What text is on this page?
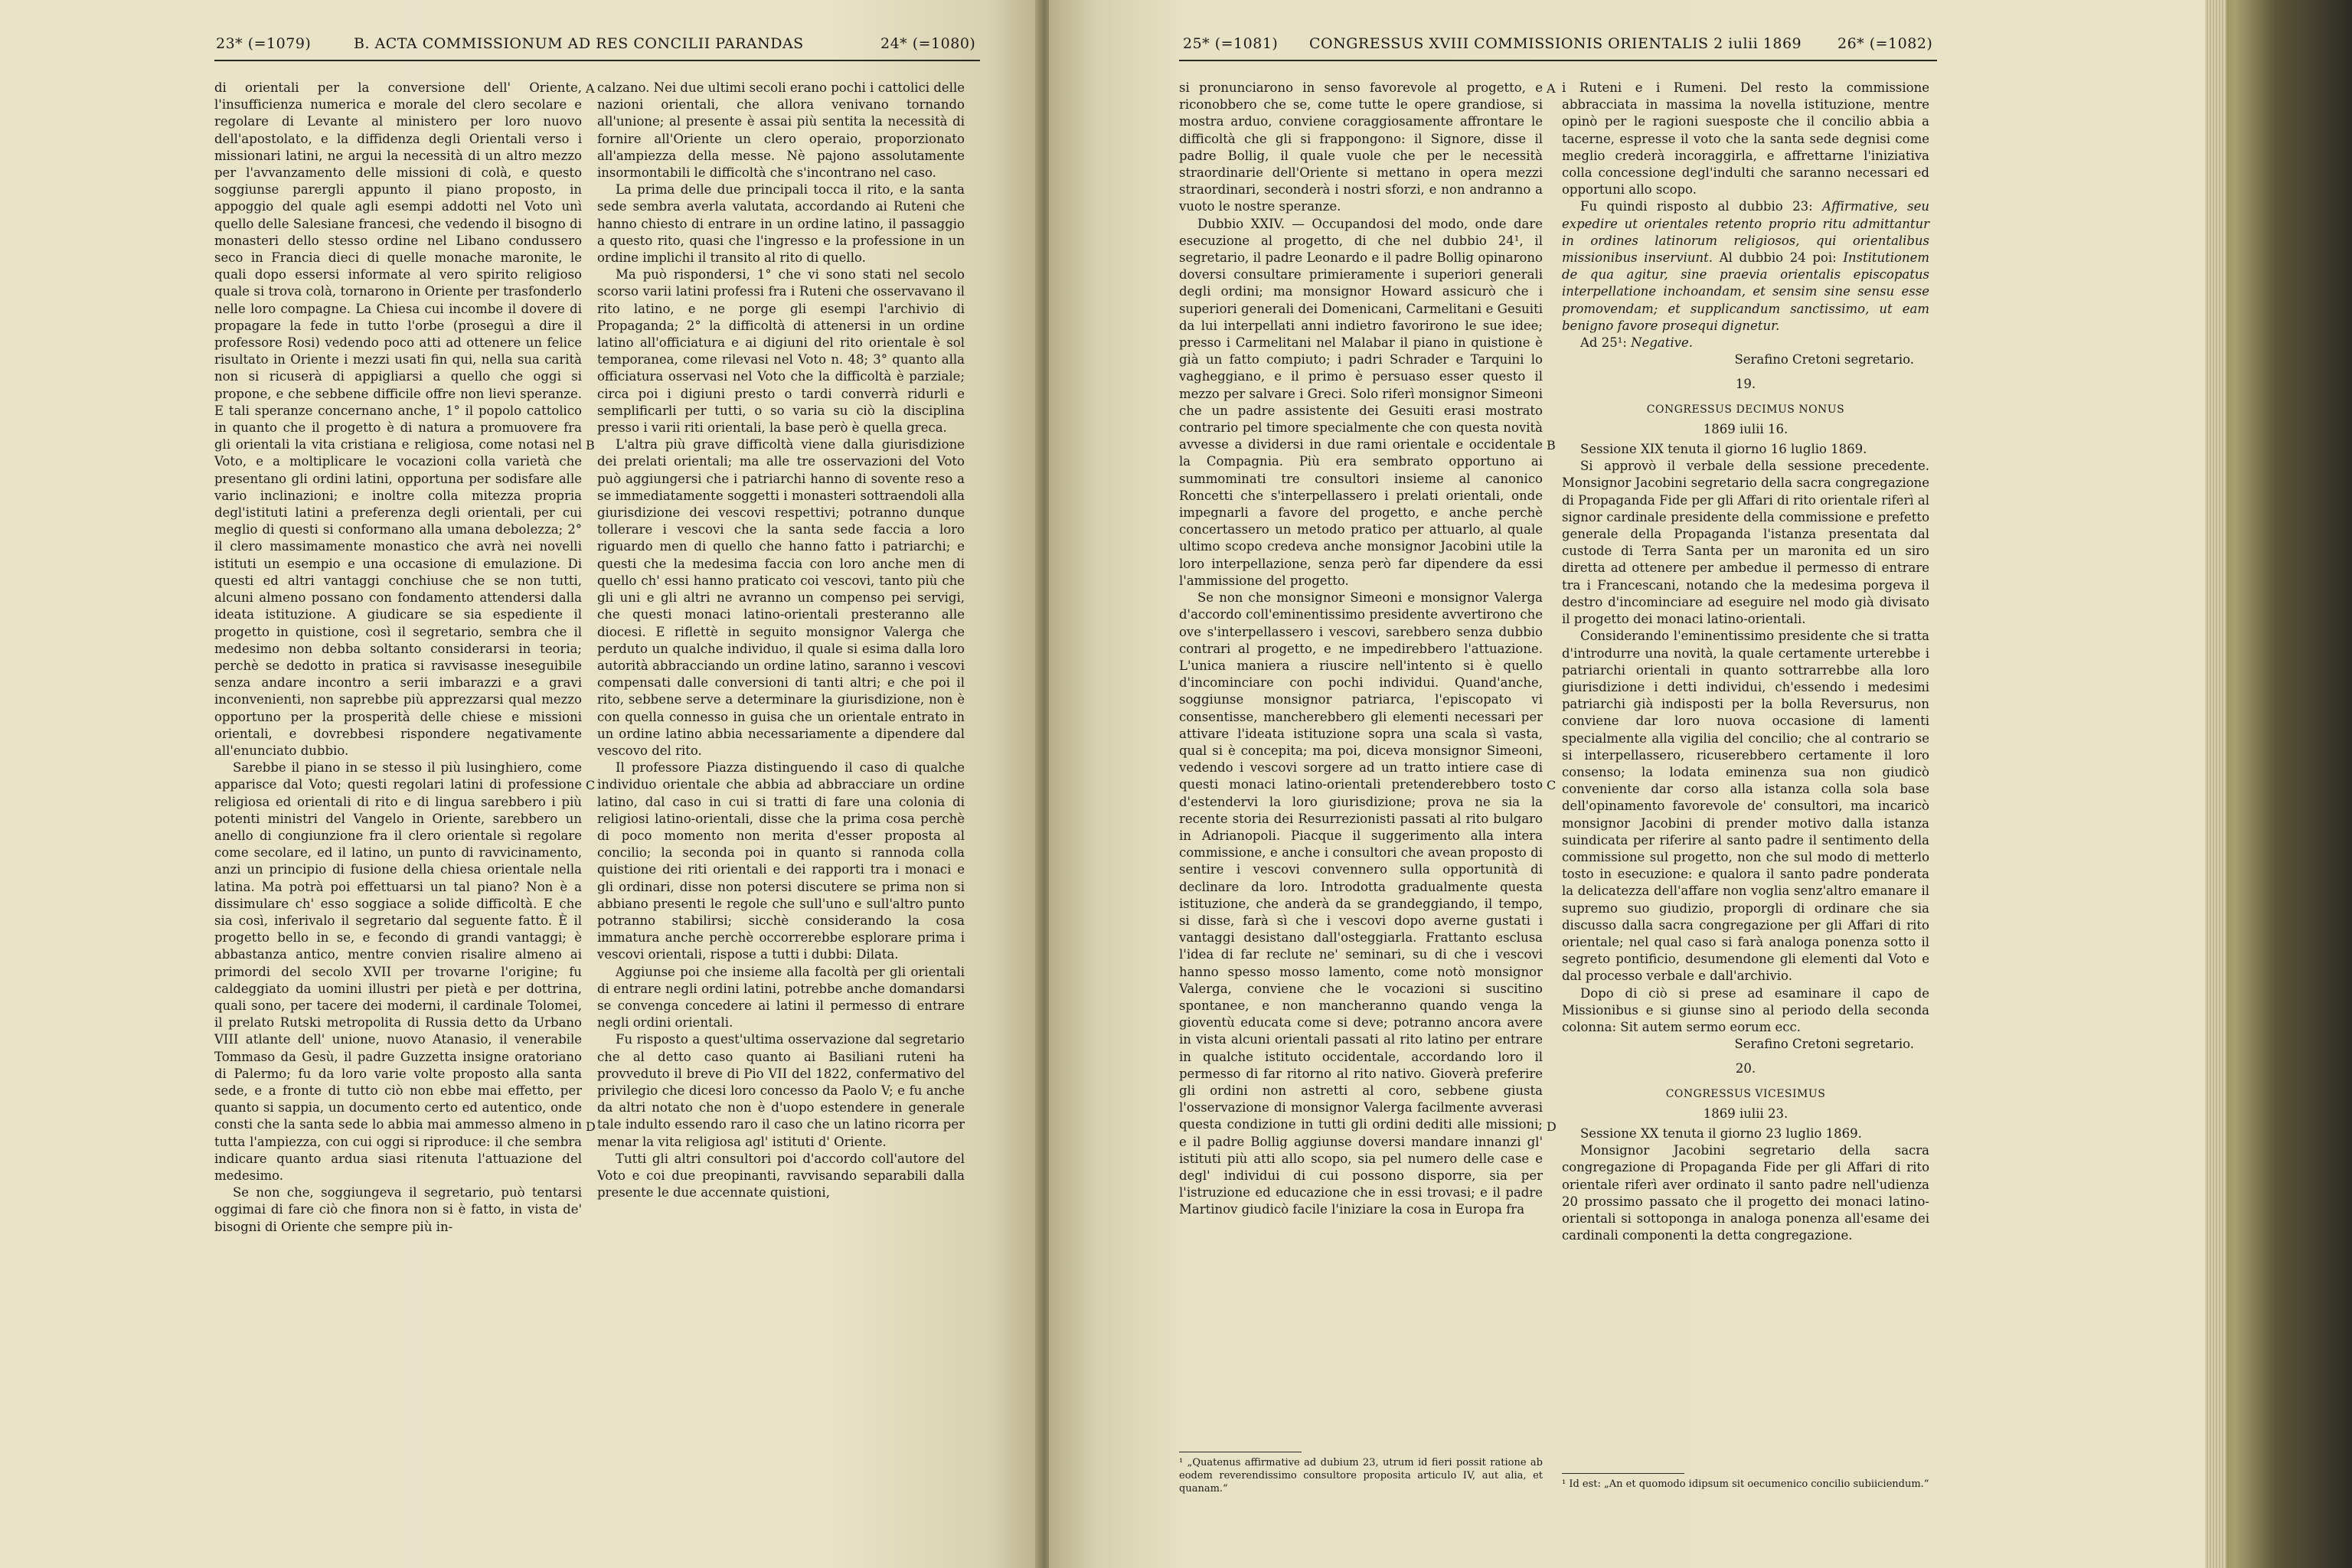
23* (=1079)	B. ACTA COMMISSIONUM AD RES CONCILII PARANDAS	24* (=1080)

di orientali per la conversione dell' Oriente, l'insufficienza numerica e morale del clero secolare e regolare di Levante al ministero per loro nuovo dell'apostolato, e la diffidenza degli Orientali verso i missionari latini, ne argui la necessità di un altro mezzo per l'avvanzamento delle missioni di colà, e questo soggiunse parergli appunto il piano proposto, in appoggio del quale agli esempi addotti nel Voto unì quello delle Salesiane francesi, che vedendo il bisogno di monasteri dello stesso ordine nel Libano condussero seco in Francia dieci di quelle monache maronite, le quali dopo essersi informate al vero spirito religioso quale si trova colà, tornarono in Oriente per trasfonderlo nelle loro compagne. La Chiesa cui incombe il dovere di propagare la fede in tutto l'orbe (proseguì a dire il professore Rosi) vedendo poco atti ad ottenere un felice risultato in Oriente i mezzi usati fin qui, nella sua carità non si ricuserà di appigliarsi a quello che oggi si propone, e che sebbene difficile offre non lievi speranze. E tali speranze concernano anche, 1° il popolo cattolico in quanto che il progetto è di natura a promuovere fra gli orientali la vita cristiana e religiosa, come notasi nel Voto, e a moltiplicare le vocazioni colla varietà che presentano gli ordini latini, opportuna per sodisfare alle vario inclinazioni; e inoltre colla mitezza propria degl'istituti latini a preferenza degli orientali, per cui meglio di questi si conformano alla umana debolezza; 2° il clero massimamente monastico che avrà nei novelli istituti un esempio e una occasione di emulazione. Di questi ed altri vantaggi conchiuse che se non tutti, alcuni almeno possano con fondamento attendersi dalla ideata istituzione. A giudicare se sia espediente il progetto in quistione, così il segretario, sembra che il medesimo non debba soltanto considerarsi in teoria; perchè se dedotto in pratica si ravvisasse ineseguibile senza andare incontro a serii imbarazzi e a gravi inconvenienti, non saprebbe più apprezzarsi qual mezzo opportuno per la prosperità delle chiese e missioni orientali, e dovrebbesi rispondere negativamente all'enunciato dubbio.

Sarebbe il piano in se stesso il più lusinghiero, come apparisce dal Voto; questi regolari latini di professione religiosa ed orientali di rito e di lingua sarebbero i più potenti ministri del Vangelo in Oriente, sarebbero un anello di congiunzione fra il clero orientale sì regolare come secolare, ed il latino, un punto di ravvicinamento, anzi un principio di fusione della chiesa orientale nella latina. Ma potrà poi effettuarsi un tal piano? Non è a dissimulare ch' esso soggiace a solide difficoltà. E che sia così, inferivalo il segretario dal seguente fatto. È il progetto bello in se, e fecondo di grandi vantaggi; è abbastanza antico, mentre convien risalire almeno ai primordi del secolo XVII per trovarne l'origine; fu caldeggiato da uomini illustri per pietà e per dottrina, quali sono, per tacere dei moderni, il cardinale Tolomei, il prelato Rutski metropolita di Russia detto da Urbano VIII atlante dell' unione, nuovo Atanasio, il venerabile Tommaso da Gesù, il padre Guzzetta insigne oratoriano di Palermo; fu da loro varie volte proposto alla santa sede, e a fronte di tutto ciò non ebbe mai effetto, per quanto si sappia, un documento certo ed autentico, onde consti che la santa sede lo abbia mai ammesso almeno in tutta l'ampiezza, con cui oggi si riproduce: il che sembra indicare quanto ardua siasi ritenuta l'attuazione del medesimo.

Se non che, soggiungeva il segretario, può tentarsi oggimai di fare ciò che finora non si è fatto, in vista de' bisogni di Oriente che sempre più in-

A
B
C
D

calzano. Nei due ultimi secoli erano pochi i cattolici delle nazioni orientali, che allora venivano tornando all'unione; al presente è assai più sentita la necessità di fornire all'Oriente un clero operaio, proporzionato all'ampiezza della messe. Nè pajono assolutamente insormontabili le difficoltà che s'incontrano nel caso.

La prima delle due principali tocca il rito, e la santa sede sembra averla valutata, accordando ai Ruteni che hanno chiesto di entrare in un ordine latino, il passaggio a questo rito, quasi che l'ingresso e la professione in un ordine implichi il transito al rito di quello.

Ma può rispondersi, 1° che vi sono stati nel secolo scorso varii latini professi fra i Ruteni che osservavano il rito latino, e ne porge gli esempi l'archivio di Propaganda; 2° la difficoltà di attenersi in un ordine latino all'officiatura e ai digiuni del rito orientale è sol temporanea, come rilevasi nel Voto n. 48; 3° quanto alla officiatura osservasi nel Voto che la difficoltà è parziale; circa poi i digiuni presto o tardi converrà ridurli e semplificarli per tutti, o so varia su ciò la disciplina presso i varii riti orientali, la base però è quella greca.

L'altra più grave difficoltà viene dalla giurisdizione dei prelati orientali; ma alle tre osservazioni del Voto può aggiungersi che i patriarchi hanno di sovente reso a se immediatamente soggetti i monasteri sottraendoli alla giurisdizione dei vescovi respettivi; potranno dunque tollerare i vescovi che la santa sede faccia a loro riguardo men di quello che hanno fatto i patriarchi; e questi che la medesima faccia con loro anche men di quello ch' essi hanno praticato coi vescovi, tanto più che gli uni e gli altri ne avranno un compenso pei servigi, che questi monaci latino-orientali presteranno alle diocesi. E riflettè in seguito monsignor Valerga che perduto un qualche individuo, il quale si esima dalla loro autorità abbracciando un ordine latino, saranno i vescovi compensati dalle conversioni di tanti altri; e che poi il rito, sebbene serve a determinare la giurisdizione, non è con quella connesso in guisa che un orientale entrato in un ordine latino abbia necessariamente a dipendere dal vescovo del rito.

Il professore Piazza distinguendo il caso di qualche individuo orientale che abbia ad abbracciare un ordine latino, dal caso in cui si tratti di fare una colonia di religiosi latino-orientali, disse che la prima cosa perchè di poco momento non merita d'esser proposta al concilio; la seconda poi in quanto si rannoda colla quistione dei riti orientali e dei rapporti tra i monaci e gli ordinari, disse non potersi discutere se prima non si abbiano presenti le regole che sull'uno e sull'altro punto potranno stabilirsi; sicchè considerando la cosa immatura anche perchè occorrerebbe esplorare prima i vescovi orientali, rispose a tutti i dubbi: Dilata.

Aggiunse poi che insieme alla facoltà per gli orientali di entrare negli ordini latini, potrebbe anche domandarsi se convenga concedere ai latini il permesso di entrare negli ordini orientali.

Fu risposto a quest'ultima osservazione dal segretario che al detto caso quanto ai Basiliani ruteni ha provveduto il breve di Pio VII del 1822, confermativo del privilegio che dicesi loro concesso da Paolo V; e fu anche da altri notato che non è d'uopo estendere in generale tale indulto essendo raro il caso che un latino ricorra per menar la vita religiosa agl' istituti d' Oriente.

Tutti gli altri consultori poi d'accordo coll'autore del Voto e coi due preopinanti, ravvisando separabili dalla presente le due accennate quistioni,

25* (=1081) CONGRESSUS XVIII COMMISSIONIS ORIENTALIS 2 iulii 1869 26* (=1082)

si pronunciarono in senso favorevole al progetto, e riconobbero che se, come tutte le opere grandiose, si mostra arduo, conviene coraggiosamente affrontare le difficoltà che gli si frappongono: il Signore, disse il padre Bollig, il quale vuole che per le necessità straordinarie dell'Oriente si mettano in opera mezzi straordinari, seconderà i nostri sforzi, e non andranno a vuoto le nostre speranze.

Dubbio XXIV. — Occupandosi del modo, onde dare esecuzione al progetto, di che nel dubbio 24¹, il segretario, il padre Leonardo e il padre Bollig opinarono doversi consultare primieramente i superiori generali degli ordini; ma monsignor Howard assicurò che i superiori generali dei Domenicani, Carmelitani e Gesuiti da lui interpellati anni indietro favorirono le sue idee; presso i Carmelitani nel Malabar il piano in quistione è già un fatto compiuto; i padri Schrader e Tarquini lo vagheggiano, e il primo è persuaso esser questo il mezzo per salvare i Greci. Solo riferì monsignor Simeoni che un padre assistente dei Gesuiti erasi mostrato contrario pel timore specialmente che con questa novità avvesse a dividersi in due rami orientale e occidentale la Compagnia. Più era sembrato opportuno ai summominati tre consultori insieme al canonico Roncetti che s'interpellassero i prelati orientali, onde impegnarli a favore del progetto, e anche perchè concertassero un metodo pratico per attuarlo, al quale ultimo scopo credeva anche monsignor Jacobini utile la loro interpellazione, senza però far dipendere da essi l'ammissione del progetto.

Se non che monsignor Simeoni e monsignor Valerga d'accordo coll'eminentissimo presidente avvertirono che ove s'interpellassero i vescovi, sarebbero senza dubbio contrari al progetto, e ne impedirebbero l'attuazione. L'unica maniera a riuscire nell'intento si è quello d'incominciare con pochi individui. Quand'anche, soggiunse monsignor patriarca, l'episcopato vi consentisse, mancherebbero gli elementi necessari per attivare l'ideata istituzione sopra una scala sì vasta, qual si è concepita; ma poi, diceva monsignor Simeoni, vedendo i vescovi sorgere ad un tratto intiere case di questi monaci latino-orientali pretenderebbero tosto d'estendervi la loro giurisdizione; prova ne sia la recente storia dei Resurrezionisti passati al rito bulgaro in Adrianopoli. Piacque il suggerimento alla intera commissione, e anche i consultori che avean proposto di sentire i vescovi convennero sulla opportunità di declinare da loro. Introdotta gradualmente questa istituzione, che anderà da se grandeggiando, il tempo, si disse, farà sì che i vescovi dopo averne gustati i vantaggi desistano dall'osteggiarla. Frattanto esclusa l'idea di far reclute ne' seminari, su di che i vescovi hanno spesso mosso lamento, come notò monsignor Valerga, conviene che le vocazioni si suscitino spontanee, e non mancheranno quando venga la gioventù educata come si deve; potranno ancora avere in vista alcuni orientali passati al rito latino per entrare in qualche istituto occidentale, accordando loro il permesso di far ritorno al rito nativo. Gioverà preferire gli ordini non astretti al coro, sebbene giusta l'osservazione di monsignor Valerga facilmente avverasi questa condizione in tutti gli ordini dediti alle missioni; e il padre Bollig aggiunse doversi mandare innanzi gl' istituti più atti allo scopo, sia pel numero delle case e degl' individui di cui possono disporre, sia per l'istruzione ed educazione che in essi trovasi; e il padre Martinov giudicò facile l'iniziare la cosa in Europa fra

¹ „Quatenus affirmative ad dubium 23, utrum id fieri possit ratione ab eodem reverendissimo consultore proposita articulo IV, aut alia, et quanam.“
A
B
C
D

i Ruteni e i Rumeni. Del resto la commissione abbracciata in massima la novella istituzione, mentre opinò per le ragioni suesposte che il concilio abbia a tacerne, espresse il voto che la santa sede degnisi come meglio crederà incoraggirla, e affrettarne l'iniziativa colla concessione degl'indulti che saranno necessari ed opportuni allo scopo.

Fu quindi risposto al dubbio 23: Affirmative, seu expedire ut orientales retento proprio ritu admittantur in ordines latinorum religiosos, qui orientalibus missionibus inserviunt. Al dubbio 24 poi: Institutionem de qua agitur, sine praevia orientalis episcopatus interpellatione inchoandam, et sensim sine sensu esse promovendam; et supplicandum sanctissimo, ut eam benigno favore prosequi dignetur.

Ad 25¹: Negative.

Serafino Cretoni segretario.

19.

CONGRESSUS DECIMUS NONUS

1869 iulii 16.

Sessione XIX tenuta il giorno 16 luglio 1869.

Si approvò il verbale della sessione precedente. Monsignor Jacobini segretario della sacra congregazione di Propaganda Fide per gli Affari di rito orientale riferì al signor cardinale presidente della commissione e prefetto generale della Propaganda l'istanza presentata dal custode di Terra Santa per un maronita ed un siro diretta ad ottenere per ambedue il permesso di entrare tra i Francescani, notando che la medesima porgeva il destro d'incominciare ad eseguire nel modo già divisato il progetto dei monaci latino-orientali.

Considerando l'eminentissimo presidente che si tratta d'introdurre una novità, la quale certamente urterebbe i patriarchi orientali in quanto sottrarrebbe alla loro giurisdizione i detti individui, ch'essendo i medesimi patriarchi già indisposti per la bolla Reversurus, non conviene dar loro nuova occasione di lamenti specialmente alla vigilia del concilio; che al contrario se si interpellassero, ricuserebbero certamente il loro consenso; la lodata eminenza sua non giudicò conveniente dar corso alla istanza colla sola base dell'opinamento favorevole de' consultori, ma incaricò monsignor Jacobini di prender motivo dalla istanza suindicata per riferire al santo padre il sentimento della commissione sul progetto, non che sul modo di metterlo tosto in esecuzione: e qualora il santo padre ponderata la delicatezza dell'affare non voglia senz'altro emanare il supremo suo giudizio, proporgli di ordinare che sia discusso dalla sacra congregazione per gli Affari di rito orientale; nel qual caso si farà analoga ponenza sotto il segreto pontificio, desumendone gli elementi dal Voto e dal processo verbale e dall'archivio.

Dopo di ciò si prese ad esaminare il capo de Missionibus e si giunse sino al periodo della seconda colonna: Sit autem sermo eorum ecc.

Serafino Cretoni segretario.

20.

CONGRESSUS VICESIMUS

1869 iulii 23.

Sessione XX tenuta il giorno 23 luglio 1869.

Monsignor Jacobini segretario della sacra congregazione di Propaganda Fide per gli Affari di rito orientale riferì aver ordinato il santo padre nell'udienza 20 prossimo passato che il progetto dei monaci latino-orientali si sottoponga in analoga ponenza all'esame dei cardinali componenti la detta congregazione.

¹ Id est: „An et quomodo idipsum sit oecumenico concilio subiiciendum.“
